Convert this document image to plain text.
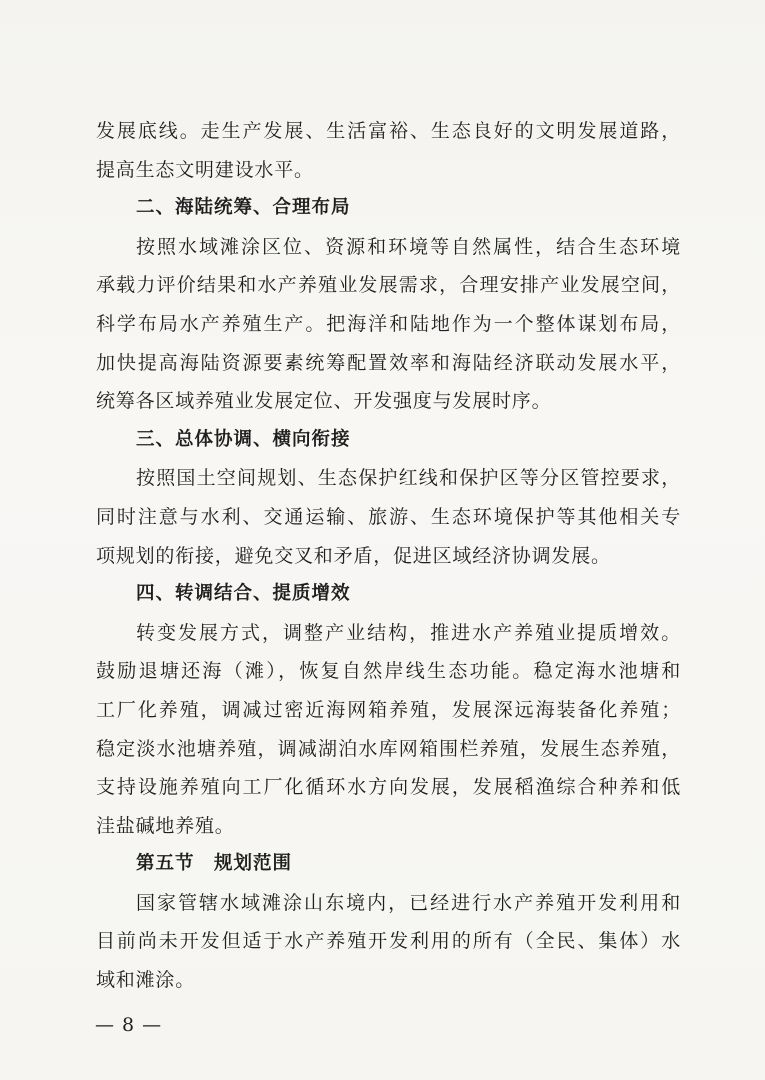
发展底线。走生产发展、生活富裕、生态良好的文明发展道路，
提高生态文明建设水平。
二、海陆统筹、合理布局
按照水域滩涂区位、资源和环境等自然属性，结合生态环境
承载力评价结果和水产养殖业发展需求，合理安排产业发展空间，
科学布局水产养殖生产。把海洋和陆地作为一个整体谋划布局，
加快提高海陆资源要素统筹配置效率和海陆经济联动发展水平，
统筹各区域养殖业发展定位、开发强度与发展时序。
三、总体协调、横向衔接
按照国土空间规划、生态保护红线和保护区等分区管控要求，
同时注意与水利、交通运输、旅游、生态环境保护等其他相关专
项规划的衔接，避免交叉和矛盾，促进区域经济协调发展。
四、转调结合、提质增效
转变发展方式，调整产业结构，推进水产养殖业提质增效。
鼓励退塘还海（滩），恢复自然岸线生态功能。稳定海水池塘和
工厂化养殖，调减过密近海网箱养殖，发展深远海装备化养殖；
稳定淡水池塘养殖，调减湖泊水库网箱围栏养殖，发展生态养殖，
支持设施养殖向工厂化循环水方向发展，发展稻渔综合种养和低
洼盐碱地养殖。
第五节　规划范围
国家管辖水域滩涂山东境内，已经进行水产养殖开发利用和
目前尚未开发但适于水产养殖开发利用的所有（全民、集体）水
域和滩涂。
— 8 —
